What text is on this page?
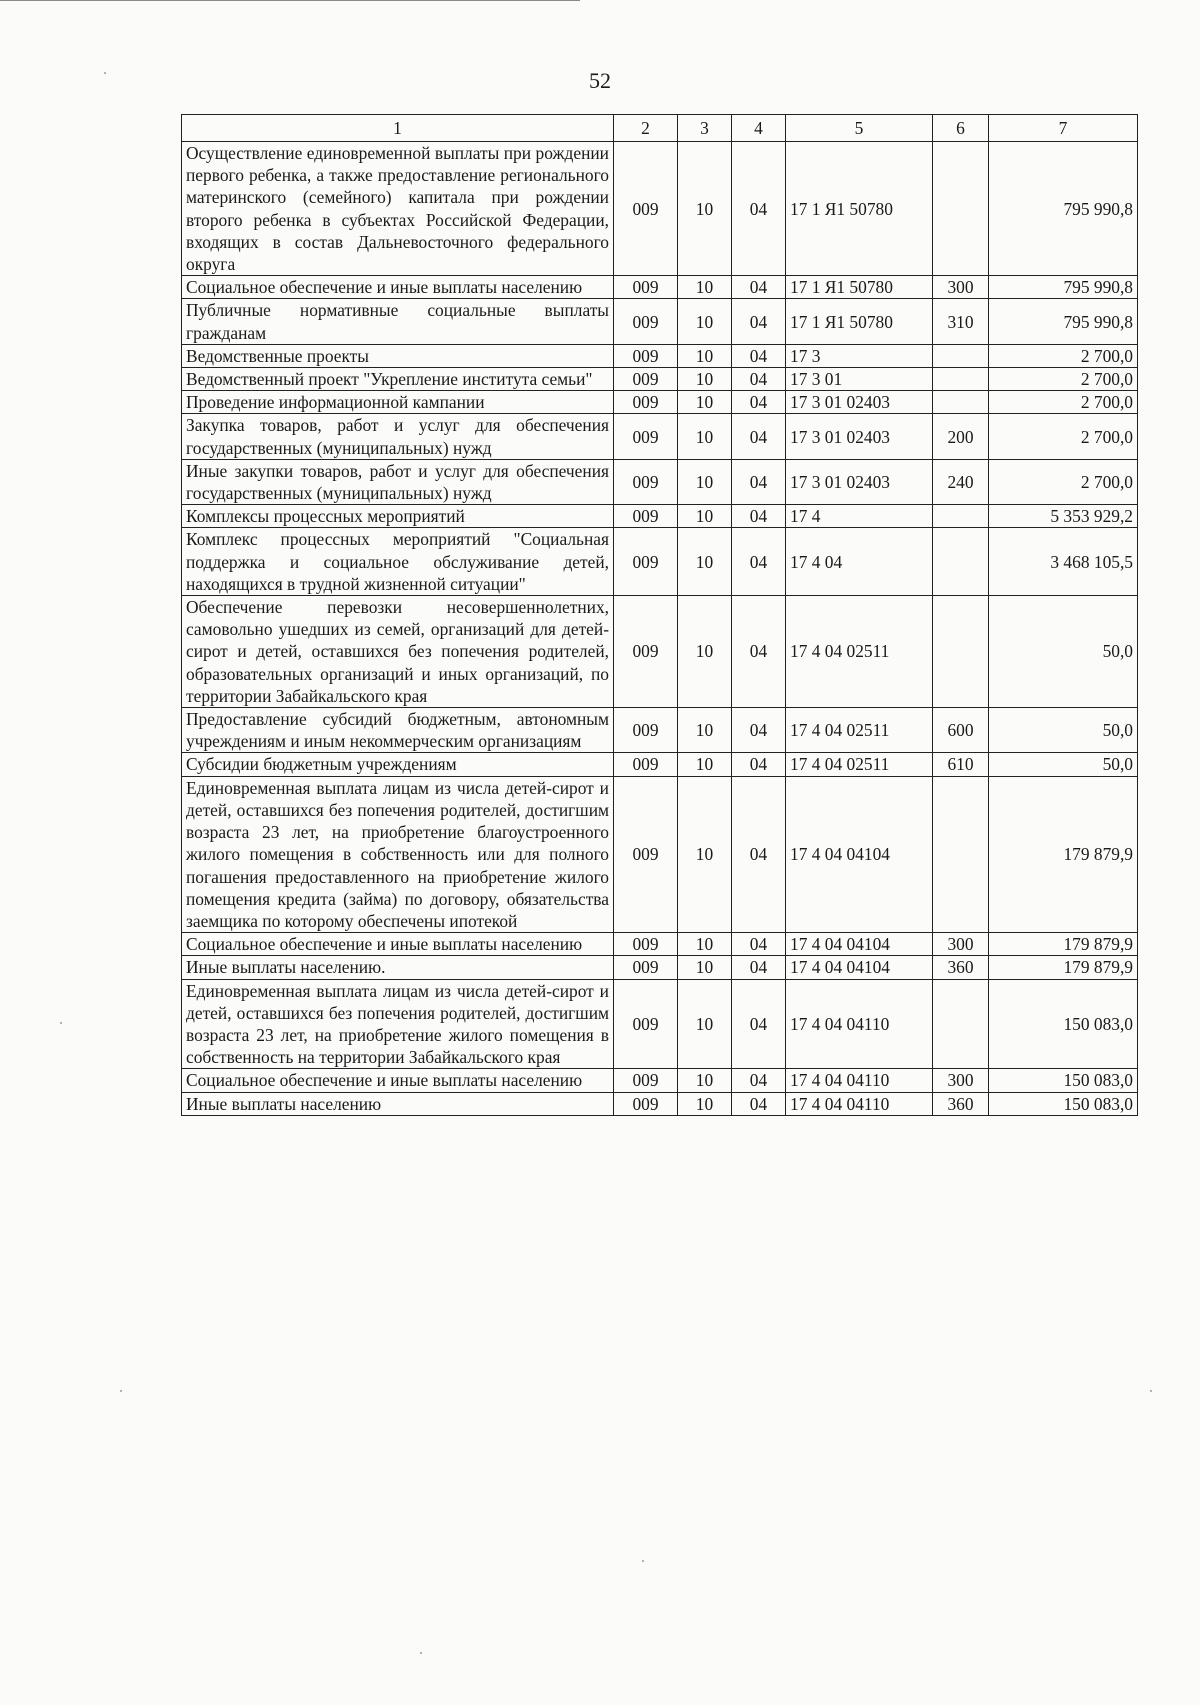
52
1	2	3	4	5	6	7
Осуществление единовременной выплаты при рождении первого ребенка, а также предоставление регионального материнского (семейного) капитала при рождении второго ребенка в субъектах Российской Федерации, входящих в состав Дальневосточного федерального округа	009	10	04	17 1 Я1 50780		795 990,8
Социальное обеспечение и иные выплаты населению	009	10	04	17 1 Я1 50780	300	795 990,8
Публичные нормативные социальные выплаты гражданам	009	10	04	17 1 Я1 50780	310	795 990,8
Ведомственные проекты	009	10	04	17 3		2 700,0
Ведомственный проект "Укрепление института семьи"	009	10	04	17 3 01		2 700,0
Проведение информационной кампании	009	10	04	17 3 01 02403		2 700,0
Закупка товаров, работ и услуг для обеспечения государственных (муниципальных) нужд	009	10	04	17 3 01 02403	200	2 700,0
Иные закупки товаров, работ и услуг для обеспечения государственных (муниципальных) нужд	009	10	04	17 3 01 02403	240	2 700,0
Комплексы процессных мероприятий	009	10	04	17 4		5 353 929,2
Комплекс процессных мероприятий "Социальная поддержка и социальное обслуживание детей, находящихся в трудной жизненной ситуации"	009	10	04	17 4 04		3 468 105,5
Обеспечение перевозки несовершеннолетних, самовольно ушедших из семей, организаций для детей-сирот и детей, оставшихся без попечения родителей, образовательных организаций и иных организаций, по территории Забайкальского края	009	10	04	17 4 04 02511		50,0
Предоставление субсидий бюджетным, автономным учреждениям и иным некоммерческим организациям	009	10	04	17 4 04 02511	600	50,0
Субсидии бюджетным учреждениям	009	10	04	17 4 04 02511	610	50,0
Единовременная выплата лицам из числа детей-сирот и детей, оставшихся без попечения родителей, достигшим возраста 23 лет, на приобретение благоустроенного жилого помещения в собственность или для полного погашения предоставленного на приобретение жилого помещения кредита (займа) по договору, обязательства заемщика по которому обеспечены ипотекой	009	10	04	17 4 04 04104		179 879,9
Социальное обеспечение и иные выплаты населению	009	10	04	17 4 04 04104	300	179 879,9
Иные выплаты населению.	009	10	04	17 4 04 04104	360	179 879,9
Единовременная выплата лицам из числа детей-сирот и детей, оставшихся без попечения родителей, достигшим возраста 23 лет, на приобретение жилого помещения в собственность на территории Забайкальского края	009	10	04	17 4 04 04110		150 083,0
Социальное обеспечение и иные выплаты населению	009	10	04	17 4 04 04110	300	150 083,0
Иные выплаты населению	009	10	04	17 4 04 04110	360	150 083,0
